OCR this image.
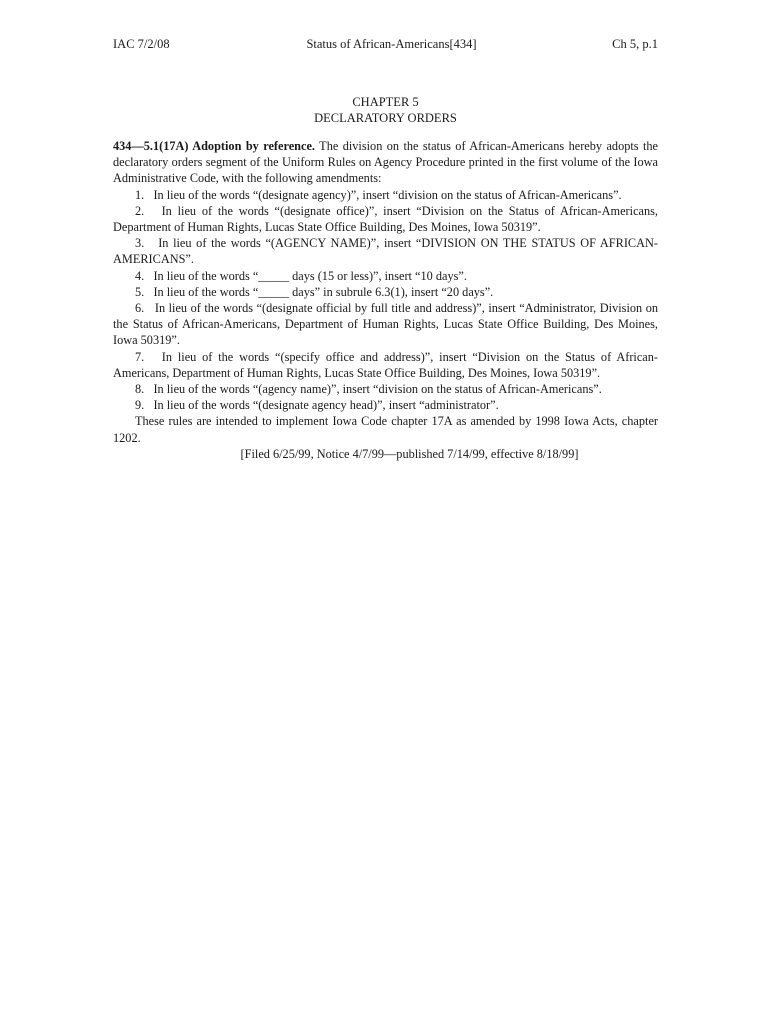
IAC 7/2/08	Status of African-Americans[434]	Ch 5, p.1
CHAPTER 5
DECLARATORY ORDERS

434—5.1(17A) Adoption by reference. The division on the status of African-Americans hereby adopts the declaratory orders segment of the Uniform Rules on Agency Procedure printed in the first volume of the Iowa Administrative Code, with the following amendments:

1.   In lieu of the words “(designate agency)”, insert “division on the status of African-Americans”.

2.   In lieu of the words “(designate office)”, insert “Division on the Status of African-Americans, Department of Human Rights, Lucas State Office Building, Des Moines, Iowa 50319”.

3.   In lieu of the words “(AGENCY NAME)”, insert “DIVISION ON THE STATUS OF AFRICAN-AMERICANS”.

4.   In lieu of the words “_____ days (15 or less)”, insert “10 days”.

5.   In lieu of the words “_____ days” in subrule 6.3(1), insert “20 days”.

6.   In lieu of the words “(designate official by full title and address)”, insert “Administrator, Division on the Status of African-Americans, Department of Human Rights, Lucas State Office Building, Des Moines, Iowa 50319”.

7.   In lieu of the words “(specify office and address)”, insert “Division on the Status of African-Americans, Department of Human Rights, Lucas State Office Building, Des Moines, Iowa 50319”.

8.   In lieu of the words “(agency name)”, insert “division on the status of African-Americans”.

9.   In lieu of the words “(designate agency head)”, insert “administrator”.

These rules are intended to implement Iowa Code chapter 17A as amended by 1998 Iowa Acts, chapter 1202.

[Filed 6/25/99, Notice 4/7/99—published 7/14/99, effective 8/18/99]
